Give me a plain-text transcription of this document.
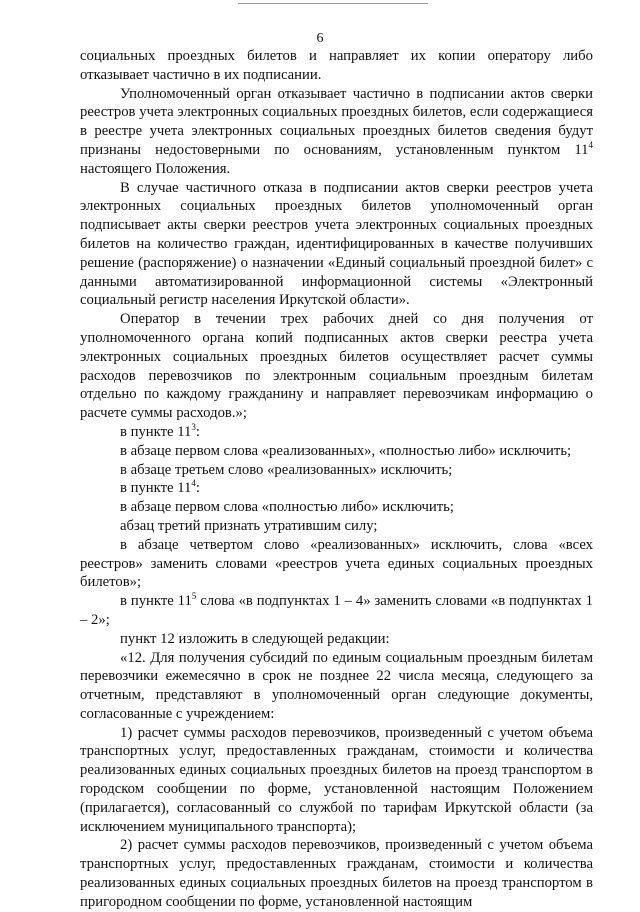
6

социальных проездных билетов и направляет их копии оператору либо отказывает частично в их подписании.

Уполномоченный орган отказывает частично в подписании актов сверки реестров учета электронных социальных проездных билетов, если содержащиеся в реестре учета электронных социальных проездных билетов сведения будут признаны недостоверными по основаниям, установленным пунктом $11^4$ настоящего Положения.

В случае частичного отказа в подписании актов сверки реестров учета электронных социальных проездных билетов уполномоченный орган подписывает акты сверки реестров учета электронных социальных проездных билетов на количество граждан, идентифицированных в качестве получивших решение (распоряжение) о назначении «Единый социальный проездной билет» с данными автоматизированной информационной системы «Электронный социальный регистр населения Иркутской области».

Оператор в течении трех рабочих дней со дня получения от уполномоченного органа копий подписанных актов сверки реестра учета электронных социальных проездных билетов осуществляет расчет суммы расходов перевозчиков по электронным социальным проездным билетам отдельно по каждому гражданину и направляет перевозчикам информацию о расчете суммы расходов.»;

в пункте $11^3$:

в абзаце первом слова «реализованных», «полностью либо» исключить;

в абзаце третьем слово «реализованных» исключить;

в пункте $11^4$:

в абзаце первом слова «полностью либо» исключить;

абзац третий признать утратившим силу;

в абзаце четвертом слово «реализованных» исключить, слова «всех реестров» заменить словами «реестров учета единых социальных проездных билетов»;

в пункте $11^5$ слова «в подпунктах 1 – 4» заменить словами «в подпунктах 1 – 2»;

пункт 12 изложить в следующей редакции:

«12. Для получения субсидий по единым социальным проездным билетам перевозчики ежемесячно в срок не позднее 22 числа месяца, следующего за отчетным, представляют в уполномоченный орган следующие документы, согласованные с учреждением:

1) расчет суммы расходов перевозчиков, произведенный с учетом объема транспортных услуг, предоставленных гражданам, стоимости и количества реализованных единых социальных проездных билетов на проезд транспортом в городском сообщении по форме, установленной настоящим Положением (прилагается), согласованный со службой по тарифам Иркутской области (за исключением муниципального транспорта);

2) расчет суммы расходов перевозчиков, произведенный с учетом объема транспортных услуг, предоставленных гражданам, стоимости и количества реализованных единых социальных проездных билетов на проезд транспортом в пригородном сообщении по форме, установленной настоящим
